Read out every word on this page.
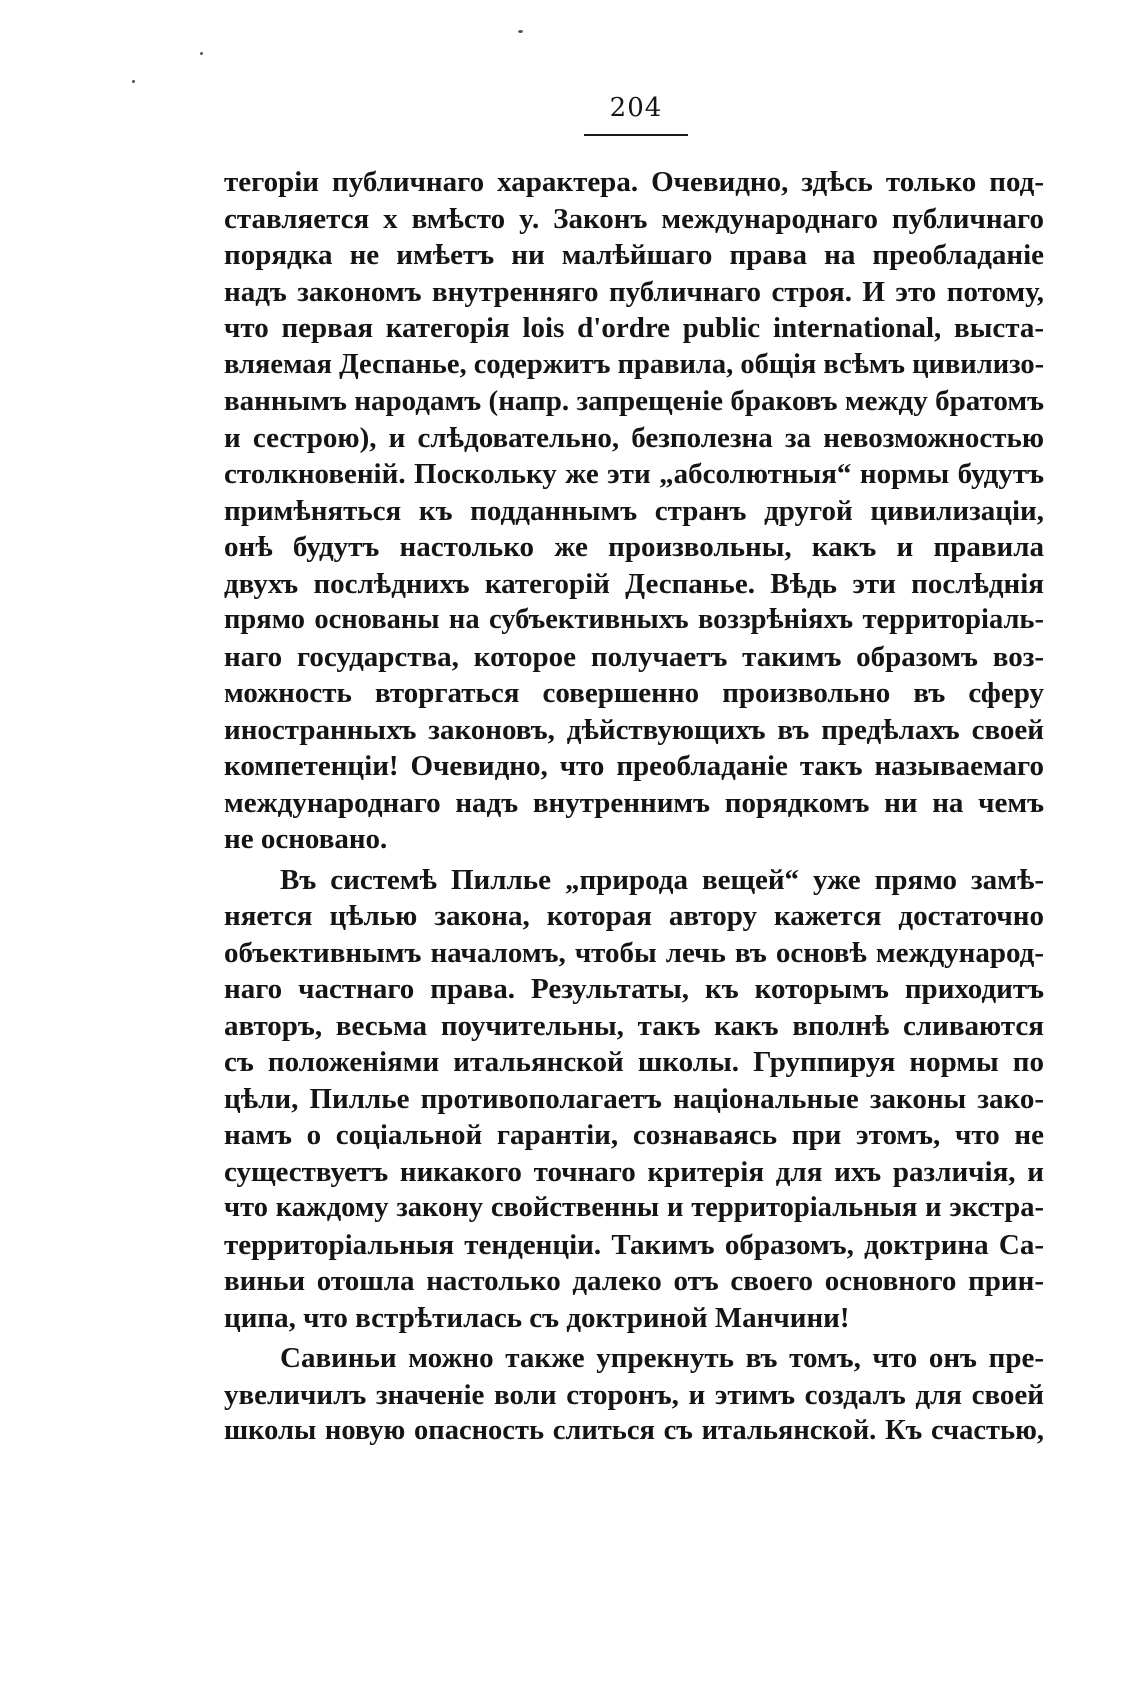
204
тегоріи публичнаго характера. Очевидно, здѣсь только под-
ставляется x вмѣсто y. Законъ международнаго публичнаго
порядка не имѣетъ ни малѣйшаго права на преобладаніе
надъ закономъ внутренняго публичнаго строя. И это потому,
что первая категорія lois d'ordre public international, выста-
вляемая Деспанье, содержитъ правила, общія всѣмъ цивилизо-
ваннымъ народамъ (напр. запрещеніе браковъ между братомъ
и сестрою), и слѣдовательно, безполезна за невозможностью
столкновеній. Поскольку же эти „абсолютныя“ нормы будутъ
примѣняться къ подданнымъ странъ другой цивилизаціи,
онѣ будутъ настолько же произвольны, какъ и правила
двухъ послѣднихъ категорій Деспанье. Вѣдь эти послѣднія
прямо основаны на субъективныхъ воззрѣніяхъ территоріаль-
наго государства, которое получаетъ такимъ образомъ воз-
можность вторгаться совершенно произвольно въ сферу
иностранныхъ законовъ, дѣйствующихъ въ предѣлахъ своей
компетенціи! Очевидно, что преобладаніе такъ называемаго
международнаго надъ внутреннимъ порядкомъ ни на чемъ
не основано.
Въ системѣ Пиллье „природа вещей“ уже прямо замѣ-
няется цѣлью закона, которая автору кажется достаточно
объективнымъ началомъ, чтобы лечь въ основѣ международ-
наго частнаго права. Результаты, къ которымъ приходитъ
авторъ, весьма поучительны, такъ какъ вполнѣ сливаются
съ положеніями итальянской школы. Группируя нормы по
цѣли, Пиллье противополагаетъ національные законы зако-
намъ о соціальной гарантіи, сознаваясь при этомъ, что не
существуетъ никакого точнаго критерія для ихъ различія, и
что каждому закону свойственны и территоріальныя и экстра-
территоріальныя тенденціи. Такимъ образомъ, доктрина Са-
виньи отошла настолько далеко отъ своего основного прин-
ципа, что встрѣтилась съ доктриной Манчини!
Савиньи можно также упрекнуть въ томъ, что онъ пре-
увеличилъ значеніе воли сторонъ, и этимъ создалъ для своей
школы новую опасность слиться съ итальянской. Къ счастью,
